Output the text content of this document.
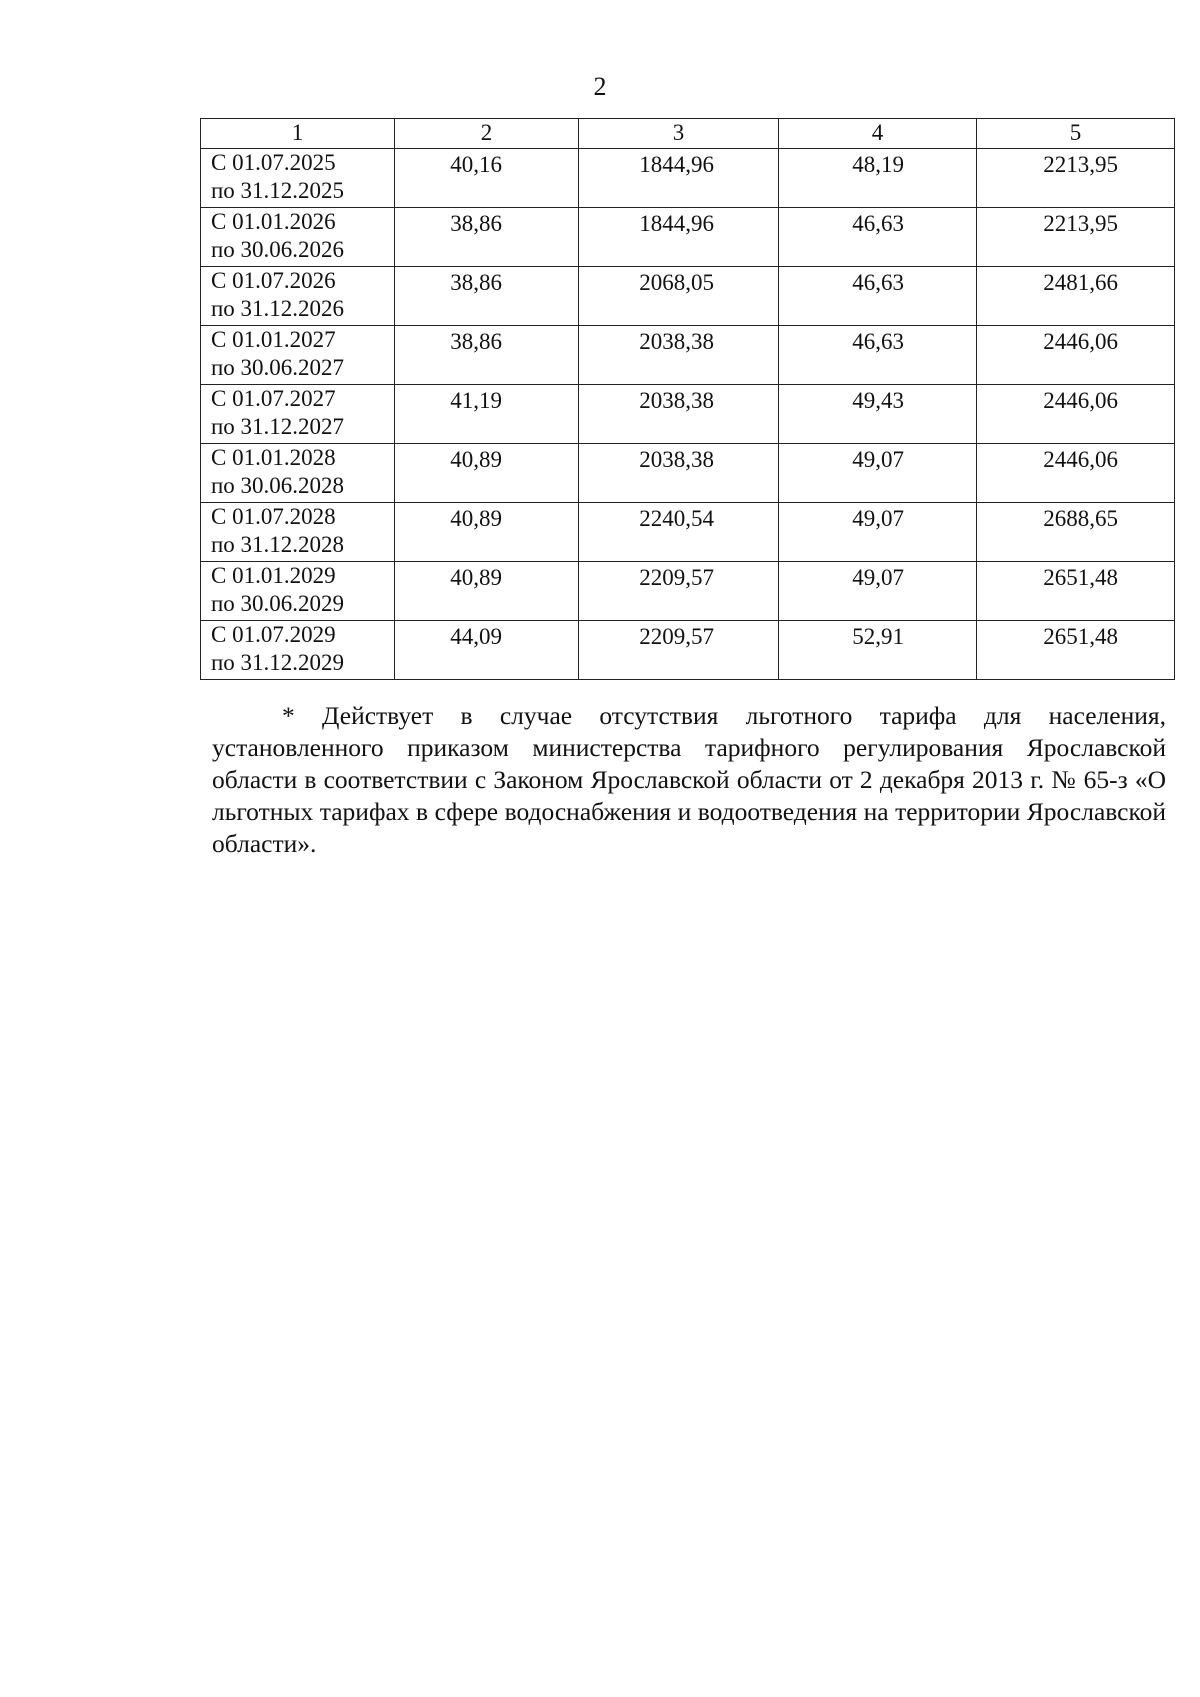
2
1	2	3	4	5

С 01.07.2025
по 31.12.2025	40,16	1844,96	48,19	2213,95

С 01.01.2026
по 30.06.2026	38,86	1844,96	46,63	2213,95

С 01.07.2026
по 31.12.2026	38,86	2068,05	46,63	2481,66

С 01.01.2027
по 30.06.2027	38,86	2038,38	46,63	2446,06

С 01.07.2027
по 31.12.2027	41,19	2038,38	49,43	2446,06

С 01.01.2028
по 30.06.2028	40,89	2038,38	49,07	2446,06

С 01.07.2028
по 31.12.2028	40,89	2240,54	49,07	2688,65

С 01.01.2029
по 30.06.2029	40,89	2209,57	49,07	2651,48

С 01.07.2029
по 31.12.2029	44,09	2209,57	52,91	2651,48

* Действует в случае отсутствия льготного тарифа для населения, установленного приказом министерства тарифного регулирования Ярославской области в соответствии с Законом Ярославской области от 2 декабря 2013 г. № 65-з «О льготных тарифах в сфере водоснабжения и водоотведения на территории Ярославской области».
